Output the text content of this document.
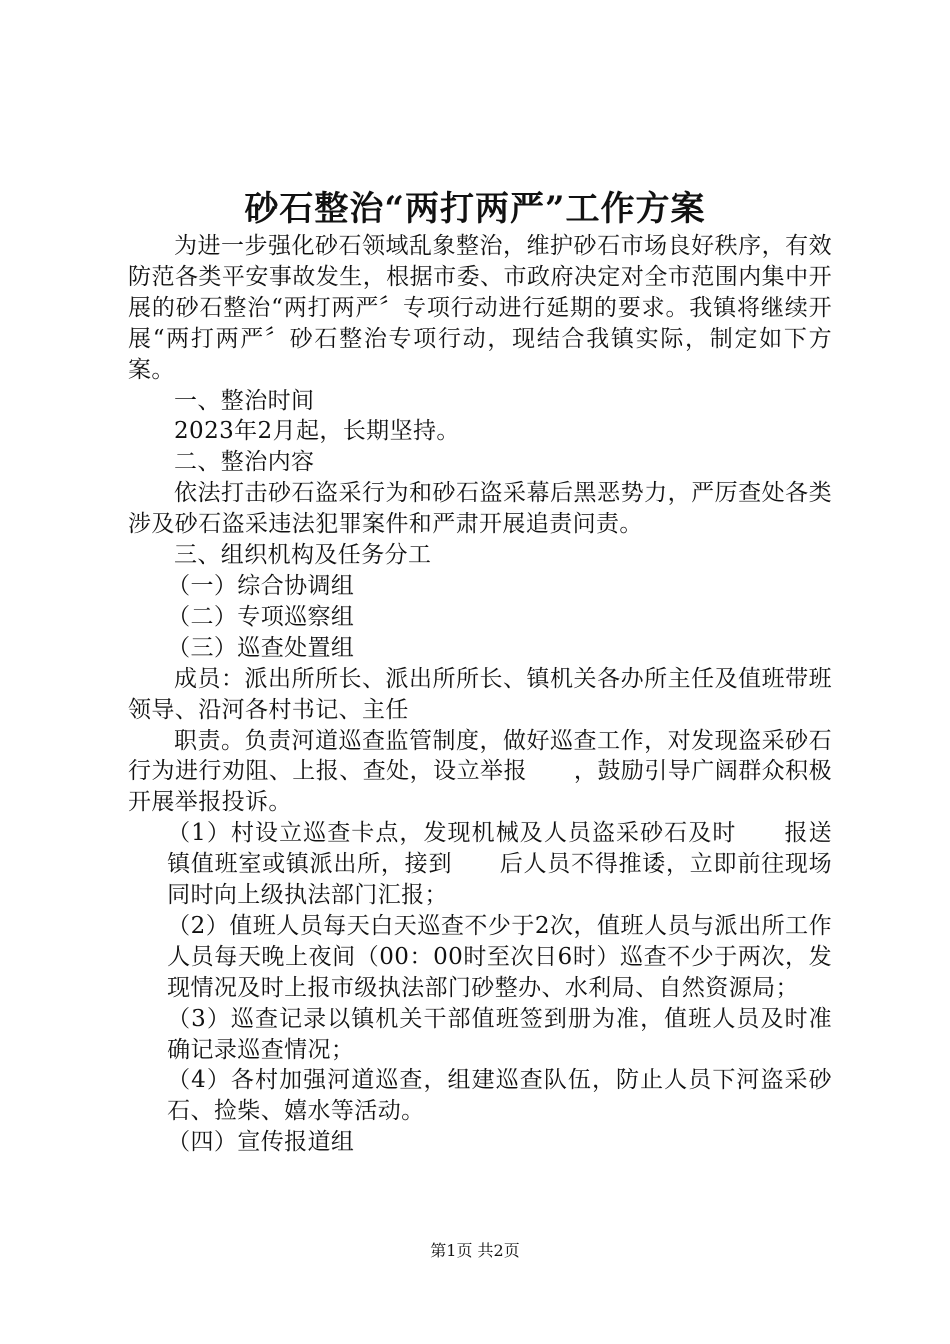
砂石整治“两打两严”工作方案

为进一步强化砂石领域乱象整治，维护砂石市场良好秩序，有效防范各类平安事故发生，根据市委、市政府决定对全市范围内集中开展的砂石整治“两打两严〞专项行动进行延期的要求。我镇将继续开展“两打两严〞砂石整治专项行动，现结合我镇实际，制定如下方案。

一、整治时间

2023年2月起，长期坚持。

二、整治内容

依法打击砂石盗采行为和砂石盗采幕后黑恶势力，严厉查处各类涉及砂石盗采违法犯罪案件和严肃开展追责问责。

三、组织机构及任务分工

（一）综合协调组

（二）专项巡察组

（三）巡查处置组

成员：派出所所长、派出所所长、镇机关各办所主任及值班带班领导、沿河各村书记、主任

职责。负责河道巡查监管制度，做好巡查工作，对发现盗采砂石行为进行劝阻、上报、查处，设立举报　　，鼓励引导广阔群众积极开展举报投诉。

（1）村设立巡查卡点，发现机械及人员盗采砂石及时　　报送镇值班室或镇派出所，接到　　后人员不得推诿，立即前往现场同时向上级执法部门汇报；

（2）值班人员每天白天巡查不少于2次，值班人员与派出所工作人员每天晚上夜间（00：00时至次日6时）巡查不少于两次，发现情况及时上报市级执法部门砂整办、水利局、自然资源局；

（3）巡查记录以镇机关干部值班签到册为准，值班人员及时准确记录巡查情况；

（4）各村加强河道巡查，组建巡查队伍，防止人员下河盗采砂石、捡柴、嬉水等活动。

（四）宣传报道组

第1页 共2页
